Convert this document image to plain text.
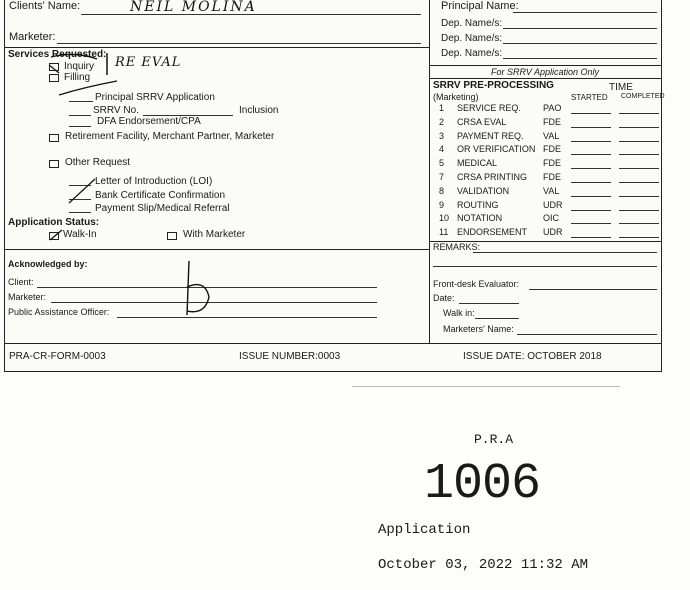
Clients' Name:	NEIL MOLINA
Marketer:
Services Requested:
Inquiry
Filling
RE EVAL
Principal SRRV Application
SRRV No.	Inclusion
DFA Endorsement/CPA
Retirement Facility, Merchant Partner, Marketer
Other Request
Letter of Introduction (LOI)
Bank Certificate Confirmation
Payment Slip/Medical Referral
Application Status:
Walk-In	With Marketer
Acknowledged by:
Client:
Marketer:
Public Assistance Officer:
Principal Name:
Dep. Name/s:
Dep. Name/s:
Dep. Name/s:
For SRRV Application Only
SRRV PRE-PROCESSING	TIME
(Marketing)	STARTED COMPLETED
1 SERVICE REQ. PAO
2 CRSA EVAL	FDE
3 PAYMENT REQ. VAL
4 OR VERIFICATION FDE
5 MEDICAL	FDE
7 CRSA PRINTING FDE
8 VALIDATION	VAL
9 ROUTING	UDR
10 NOTATION	OIC
11 ENDORSEMENT UDR
REMARKS:
Front-desk Evaluator:
Date:
Walk in:
Marketers' Name:
PRA-CR-FORM-0003	ISSUE NUMBER:0003	ISSUE DATE: OCTOBER 2018
P.R.A
1006
Application
October 03, 2022 11:32 AM
